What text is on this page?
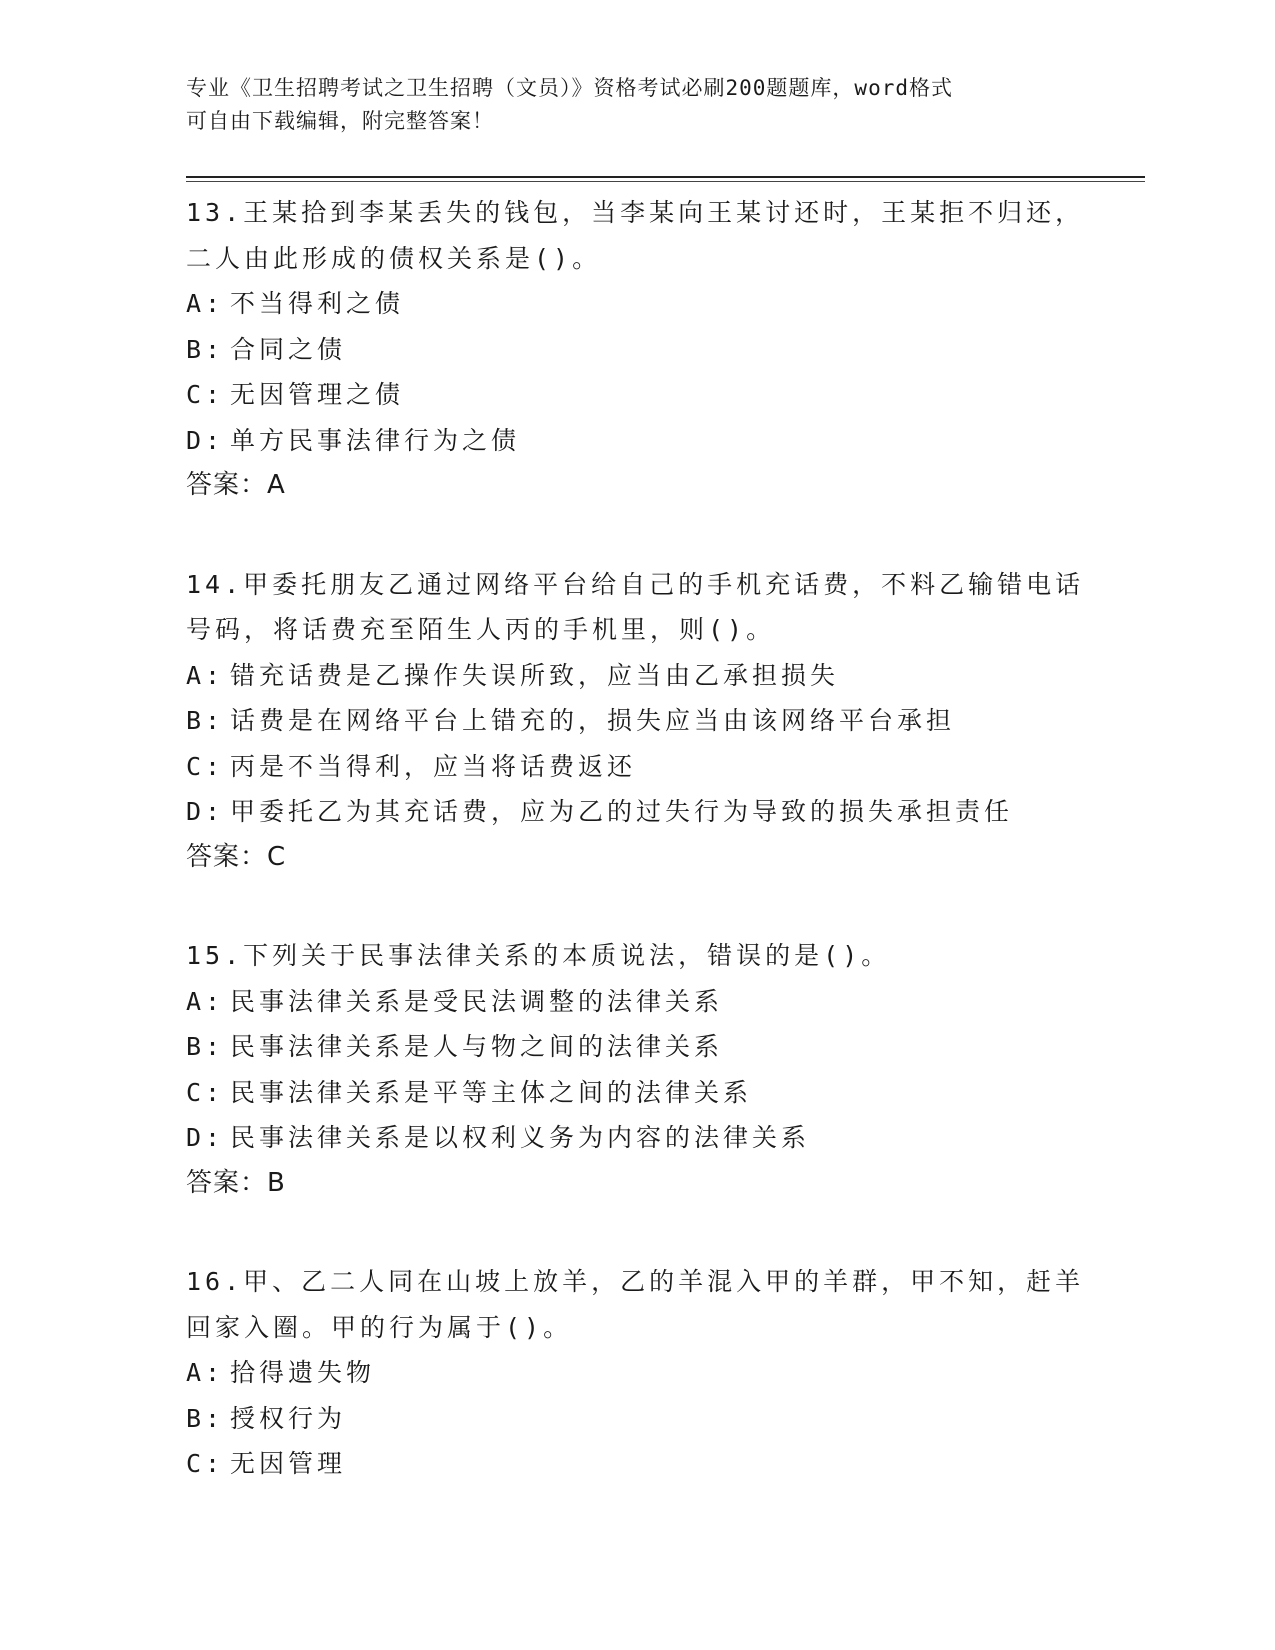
专业《卫生招聘考试之卫生招聘（文员）》资格考试必刷200题题库，word格式
可自由下载编辑，附完整答案！
13.王某拾到李某丢失的钱包，当李某向王某讨还时，王某拒不归还，
二人由此形成的债权关系是()。
A: 不当得利之债
B: 合同之债
C: 无因管理之债
D: 单方民事法律行为之债
答案：A
14.甲委托朋友乙通过网络平台给自己的手机充话费，不料乙输错电话
号码，将话费充至陌生人丙的手机里，则()。
A: 错充话费是乙操作失误所致，应当由乙承担损失
B: 话费是在网络平台上错充的，损失应当由该网络平台承担
C: 丙是不当得利，应当将话费返还
D: 甲委托乙为其充话费，应为乙的过失行为导致的损失承担责任
答案：C
15.下列关于民事法律关系的本质说法，错误的是()。
A: 民事法律关系是受民法调整的法律关系
B: 民事法律关系是人与物之间的法律关系
C: 民事法律关系是平等主体之间的法律关系
D: 民事法律关系是以权利义务为内容的法律关系
答案：B
16.甲、乙二人同在山坡上放羊，乙的羊混入甲的羊群，甲不知，赶羊
回家入圈。甲的行为属于()。
A: 拾得遗失物
B: 授权行为
C: 无因管理
